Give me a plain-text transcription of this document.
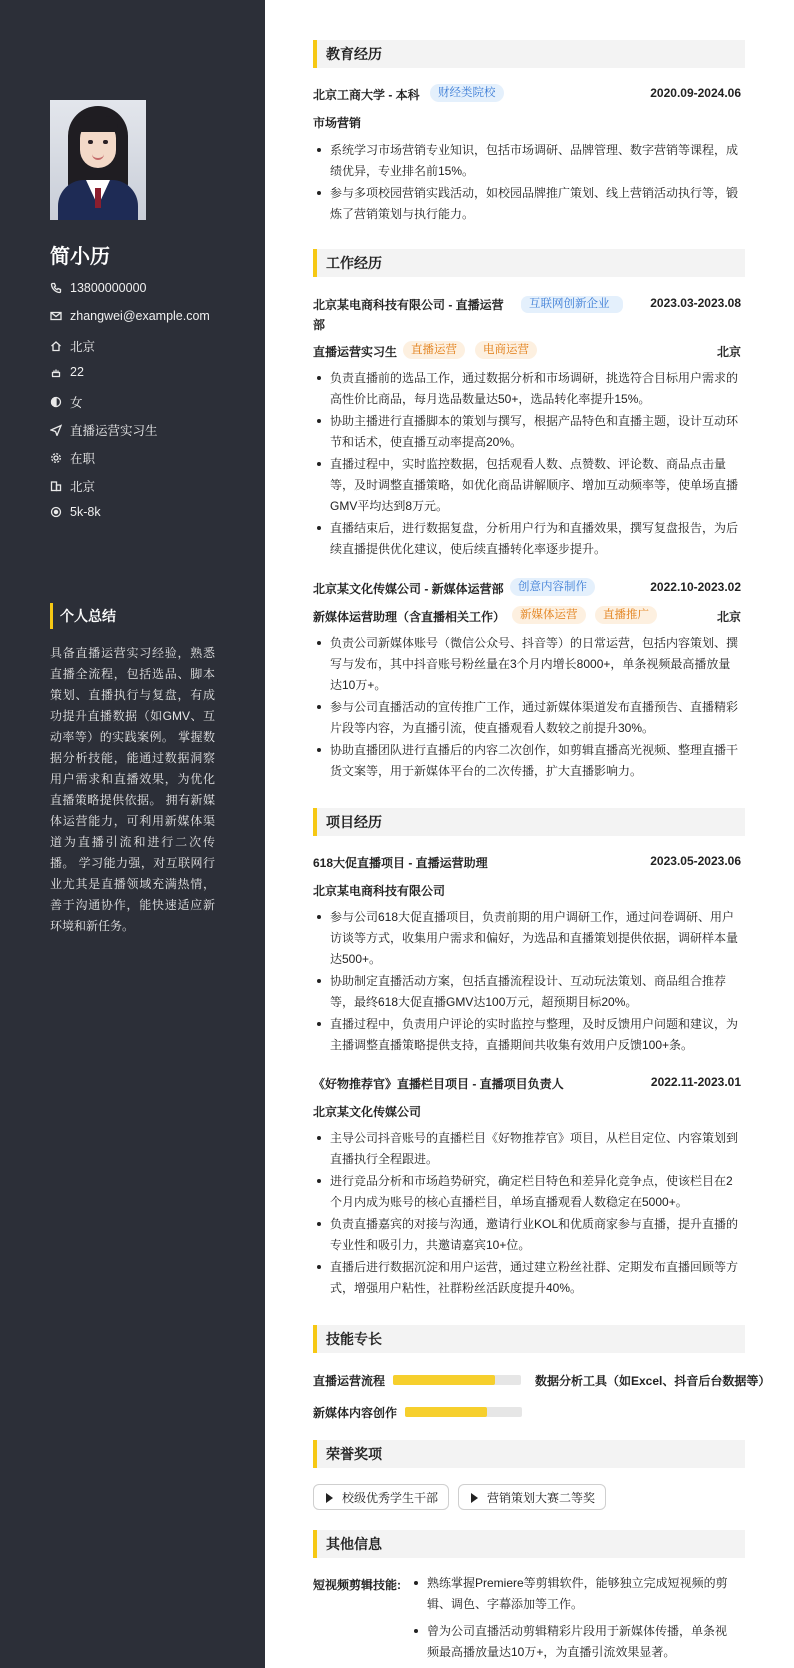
简小历
13800000000
zhangwei@example.com
北京
22
女
直播运营实习生
在职
北京
5k-8k
个人总结
具备直播运营实习经验，熟悉直播全流程，包括选品、脚本策划、直播执行与复盘，有成功提升直播数据（如GMV、互动率等）的实践案例。 掌握数据分析技能，能通过数据洞察用户需求和直播效果，为优化直播策略提供依据。 拥有新媒体运营能力，可利用新媒体渠道为直播引流和进行二次传播。 学习能力强，对互联网行业尤其是直播领域充满热情，善于沟通协作，能快速适应新环境和新任务。
教育经历
北京工商大学 - 本科	财经类院校	2020.09-2024.06
市场营销
系统学习市场营销专业知识，包括市场调研、品牌管理、数字营销等课程，成绩优异，专业排名前15%。
参与多项校园营销实践活动，如校园品牌推广策划、线上营销活动执行等，锻炼了营销策划与执行能力。
工作经历
北京某电商科技有限公司 - 直播运营部
互联网创新企业	2023.03-2023.08
直播运营实习生	直播运营	电商运营	北京
负责直播前的选品工作，通过数据分析和市场调研，挑选符合目标用户需求的高性价比商品，每月选品数量达50+，选品转化率提升15%。
协助主播进行直播脚本的策划与撰写，根据产品特色和直播主题，设计互动环节和话术，使直播互动率提高20%。
直播过程中，实时监控数据，包括观看人数、点赞数、评论数、商品点击量等，及时调整直播策略，如优化商品讲解顺序、增加互动频率等，使单场直播GMV平均达到8万元。
直播结束后，进行数据复盘，分析用户行为和直播效果，撰写复盘报告，为后续直播提供优化建议，使后续直播转化率逐步提升。
北京某文化传媒公司 - 新媒体运营部	创意内容制作	2022.10-2023.02
新媒体运营助理（含直播相关工作）	新媒体运营	直播推广	北京
负责公司新媒体账号（微信公众号、抖音等）的日常运营，包括内容策划、撰写与发布，其中抖音账号粉丝量在3个月内增长8000+，单条视频最高播放量达10万+。
参与公司直播活动的宣传推广工作，通过新媒体渠道发布直播预告、直播精彩片段等内容，为直播引流，使直播观看人数较之前提升30%。
协助直播团队进行直播后的内容二次创作，如剪辑直播高光视频、整理直播干货文案等，用于新媒体平台的二次传播，扩大直播影响力。
项目经历
618大促直播项目 - 直播运营助理	2023.05-2023.06
北京某电商科技有限公司
参与公司618大促直播项目，负责前期的用户调研工作，通过问卷调研、用户访谈等方式，收集用户需求和偏好，为选品和直播策划提供依据，调研样本量达500+。
协助制定直播活动方案，包括直播流程设计、互动玩法策划、商品组合推荐等，最终618大促直播GMV达100万元，超预期目标20%。
直播过程中，负责用户评论的实时监控与整理，及时反馈用户问题和建议，为主播调整直播策略提供支持，直播期间共收集有效用户反馈100+条。
《好物推荐官》直播栏目项目 - 直播项目负责人	2022.11-2023.01
北京某文化传媒公司
主导公司抖音账号的直播栏目《好物推荐官》项目，从栏目定位、内容策划到直播执行全程跟进。
进行竞品分析和市场趋势研究，确定栏目特色和差异化竞争点，使该栏目在2个月内成为账号的核心直播栏目，单场直播观看人数稳定在5000+。
负责直播嘉宾的对接与沟通，邀请行业KOL和优质商家参与直播，提升直播的专业性和吸引力，共邀请嘉宾10+位。
直播后进行数据沉淀和用户运营，通过建立粉丝社群、定期发布直播回顾等方式，增强用户粘性，社群粉丝活跃度提升40%。
技能专长
直播运营流程	数据分析工具（如Excel、抖音后台数据等）
新媒体内容创作
荣誉奖项
校级优秀学生干部	营销策划大赛二等奖
其他信息
短视频剪辑技能:	熟练掌握Premiere等剪辑软件，能够独立完成短视频的剪辑、调色、字幕添加等工作。
曾为公司直播活动剪辑精彩片段用于新媒体传播，单条视频最高播放量达10万+，为直播引流效果显著。
